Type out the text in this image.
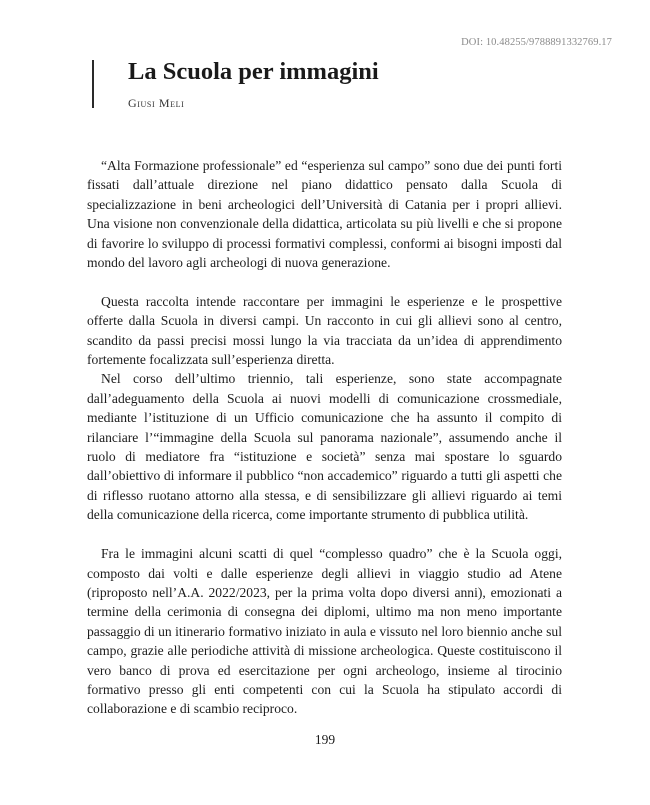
DOI: 10.48255/9788891332769.17
La Scuola per immagini
Giusi Meli

“Alta Formazione professionale” ed “esperienza sul campo” sono due dei punti forti fissati dall’attuale direzione nel piano didattico pensato dalla Scuola di specializzazione in beni archeologici dell’Università di Catania per i propri allievi. Una visione non convenzionale della didattica, articolata su più livelli e che si propone di favorire lo sviluppo di processi formativi complessi, conformi ai bisogni imposti dal mondo del lavoro agli archeologi di nuova generazione.

Questa raccolta intende raccontare per immagini le esperienze e le prospettive offerte dalla Scuola in diversi campi. Un racconto in cui gli allievi sono al centro, scandito da passi precisi mossi lungo la via tracciata da un’idea di apprendimento fortemente focalizzata sull’esperienza diretta.

Nel corso dell’ultimo triennio, tali esperienze, sono state accompagnate dall’adeguamento della Scuola ai nuovi modelli di comunicazione crossmediale, mediante l’istituzione di un Ufficio comunicazione che ha assunto il compito di rilanciare l’“immagine della Scuola sul panorama nazionale”, assumendo anche il ruolo di mediatore fra “istituzione e società” senza mai spostare lo sguardo dall’obiettivo di informare il pubblico “non accademico” riguardo a tutti gli aspetti che di riflesso ruotano attorno alla stessa, e di sensibilizzare gli allievi riguardo ai temi della comunicazione della ricerca, come importante strumento di pubblica utilità.

Fra le immagini alcuni scatti di quel “complesso quadro” che è la Scuola oggi, composto dai volti e dalle esperienze degli allievi in viaggio studio ad Atene (riproposto nell’A.A. 2022/2023, per la prima volta dopo diversi anni), emozionati a termine della cerimonia di consegna dei diplomi, ultimo ma non meno importante passaggio di un itinerario formativo iniziato in aula e vissuto nel loro biennio anche sul campo, grazie alle periodiche attività di missione archeologica. Queste costituiscono il vero banco di prova ed esercitazione per ogni archeologo, insieme al tirocinio formativo presso gli enti competenti con cui la Scuola ha stipulato accordi di collaborazione e di scambio reciproco.

199
